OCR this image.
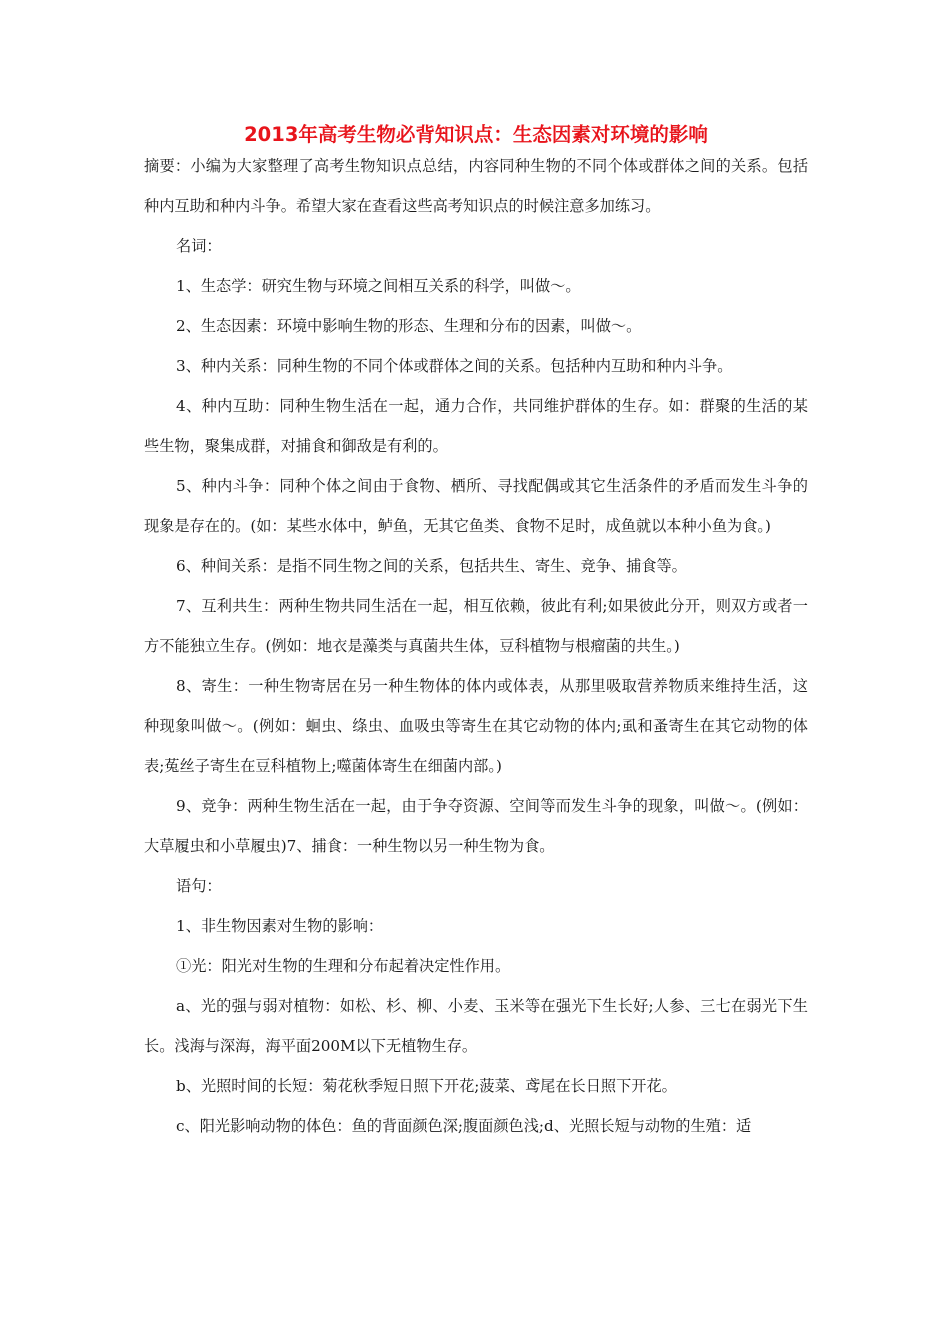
2013年高考生物必背知识点：生态因素对环境的影响

摘要：小编为大家整理了高考生物知识点总结，内容同种生物的不同个体或群体之间的关系。包括种内互助和种内斗争。希望大家在查看这些高考知识点的时候注意多加练习。

名词：

1、生态学：研究生物与环境之间相互关系的科学，叫做～。

2、生态因素：环境中影响生物的形态、生理和分布的因素，叫做～。

3、种内关系：同种生物的不同个体或群体之间的关系。包括种内互助和种内斗争。

4、种内互助：同种生物生活在一起，通力合作，共同维护群体的生存。如：群聚的生活的某些生物，聚集成群，对捕食和御敌是有利的。

5、种内斗争：同种个体之间由于食物、栖所、寻找配偶或其它生活条件的矛盾而发生斗争的现象是存在的。(如：某些水体中，鲈鱼，无其它鱼类、食物不足时，成鱼就以本种小鱼为食。)

6、种间关系：是指不同生物之间的关系，包括共生、寄生、竞争、捕食等。

7、互利共生：两种生物共同生活在一起，相互依赖，彼此有利;如果彼此分开，则双方或者一方不能独立生存。(例如：地衣是藻类与真菌共生体，豆科植物与根瘤菌的共生。)

8、寄生：一种生物寄居在另一种生物体的体内或体表，从那里吸取营养物质来维持生活，这种现象叫做～。(例如：蛔虫、绦虫、血吸虫等寄生在其它动物的体内;虱和蚤寄生在其它动物的体表;菟丝子寄生在豆科植物上;噬菌体寄生在细菌内部。)

9、竞争：两种生物生活在一起，由于争夺资源、空间等而发生斗争的现象，叫做～。(例如：大草履虫和小草履虫)7、捕食：一种生物以另一种生物为食。

语句：

1、非生物因素对生物的影响：

①光：阳光对生物的生理和分布起着决定性作用。

a、光的强与弱对植物：如松、杉、柳、小麦、玉米等在强光下生长好;人参、三七在弱光下生长。浅海与深海，海平面200M以下无植物生存。

b、光照时间的长短：菊花秋季短日照下开花;菠菜、鸢尾在长日照下开花。

c、阳光影响动物的体色：鱼的背面颜色深;腹面颜色浅;d、光照长短与动物的生殖：适
